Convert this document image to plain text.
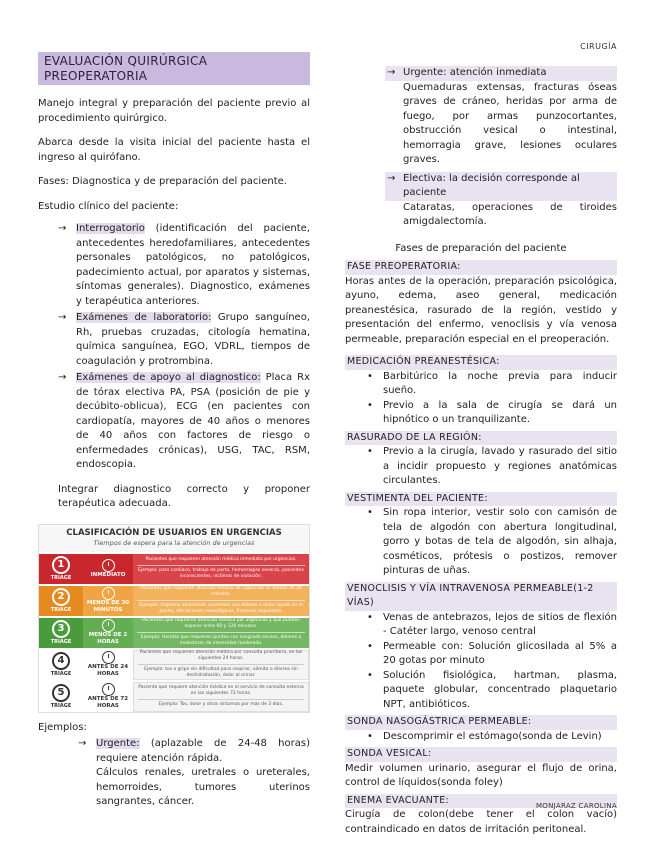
CIRUGÍA
EVALUACIÓN QUIRÚRGICA PREOPERATORIA

Manejo integral y preparación del paciente previo al procedimiento quirúrgico.

Abarca desde la visita inicial del paciente hasta el ingreso al quirófano.

Fases: Diagnostica y de preparación del paciente.

Estudio clínico del paciente:

→ Interrogatorio (identificación del paciente, antecedentes heredofamiliares, antecedentes personales patológicos, no patológicos, padecimiento actual, por aparatos y sistemas, síntomas generales). Diagnostico, exámenes y terapéutica anteriores.
→ Exámenes de laboratorio: Grupo sanguíneo, Rh, pruebas cruzadas, citología hematina, química sanguínea, EGO, VDRL, tiempos de coagulación y protrombina.
→ Exámenes de apoyo al diagnostico: Placa Rx de tórax electiva PA, PSA (posición de pie y decúbito-oblicua), ECG (en pacientes con cardiopatía, mayores de 40 años o menores de 40 años con factores de riesgo o enfermedades crónicas), USG, TAC, RSM, endoscopia.

Integrar diagnostico correcto y proponer terapéutica adecuada.

CLASIFICACIÓN DE USUARIOS EN URGENCIAS
Tiempos de espera para la atención de urgencias
1
TRIAGE	INMEDIATO
Pacientes que requieren atención médica inmediata por urgencias.
Ejemplo: paro cardiaco, trabajo de parto, hemorragias severas, pacientes inconscientes, víctimas de violación.
2
TRIAGE
MENOS DE 30 MINUTOS
Pacientes que requieren atención médica de urgencias en menos de 30 minutos.
Ejemplo: Urgencia abdominal, pacientes con dolores o dolor agudo en el pecho, alteraciones neurológicas, fracturas expuestas.
3
TRIAGE
MENOS DE 2 HORAS
Pacientes que requieren atención médica por urgencias y que pueden esperar entre 60 y 120 minutos.
Ejemplo: Heridas que requieren puntos con sangrado escaso, dolores o malestares de intensidad moderada.
4
TRIAGE
ANTES DE 24 HORAS
Pacientes que requieren atención médica por consulta prioritaria, en las siguientes 24 horas.
Ejemplo: tos o gripe sin dificultad para respirar, vómito o diarrea sin deshidratación, dolor al orinar.
5
TRIAGE
ANTES DE 72 HORAS
Paciente que requiere atención médica en el servicio de consulta externa en las siguientes 72 horas.
Ejemplo: Tos, dolor y otros síntomas por más de 3 días.

Ejemplos:

→ Urgente: (aplazable de 24-48 horas) requiere atención rápida.

Cálculos renales, uretrales o ureterales, hemorroides, tumores uterinos sangrantes, cáncer.

→ Urgente: atención inmediata

Quemaduras extensas, fracturas óseas graves de cráneo, heridas por arma de fuego, por armas punzocortantes, obstrucción vesical o intestinal, hemorragia grave, lesiones oculares graves.

→ Electiva: la decisión corresponde al paciente

Cataratas, operaciones de tiroides amigdalectomía.

Fases de preparación del paciente

FASE PREOPERATORIA:

Horas antes de la operación, preparación psicológica, ayuno, edema, aseo general, medicación preanestésica, rasurado de la región, vestido y presentación del enfermo, venoclisis y vía venosa permeable, preparación especial en el preoperación.

MEDICACIÓN PREANESTÉSICA:
•	Barbitúrico la noche previa para inducir sueño.
•	Previo a la sala de cirugía se dará un hipnótico o un tranquilizante.
RASURADO DE LA REGIÓN:
•	Previo a la cirugía, lavado y rasurado del sitio a incidir propuesto y regiones anatómicas circulantes.
VESTIMENTA DEL PACIENTE:
•	Sin ropa interior, vestir solo con camisón de tela de algodón con abertura longitudinal, gorro y botas de tela de algodón, sin alhaja, cosméticos, prótesis o postizos, remover pinturas de uñas.
VENOCLISIS Y VÍA INTRAVENOSA PERMEABLE(1-2 VÍAS)
•	Venas de antebrazos, lejos de sitios de flexión - Catéter largo, venoso central
•	Permeable con: Solución glicosilada al 5% a 20 gotas por minuto
•	Solución fisiológica, hartman, plasma, paquete globular, concentrado plaquetario NPT, antibióticos.
SONDA NASOGÁSTRICA PERMEABLE:
•	Descomprimir el estómago(sonda de Levin)
SONDA VESICAL:

Medir volumen urinario, asegurar el flujo de orina, control de líquidos(sonda foley)

ENEMA EVACUANTE:

Cirugía de colon(debe tener el colon vacío) contraindicado en datos de irritación peritoneal.

MONJARAZ CAROLINA
